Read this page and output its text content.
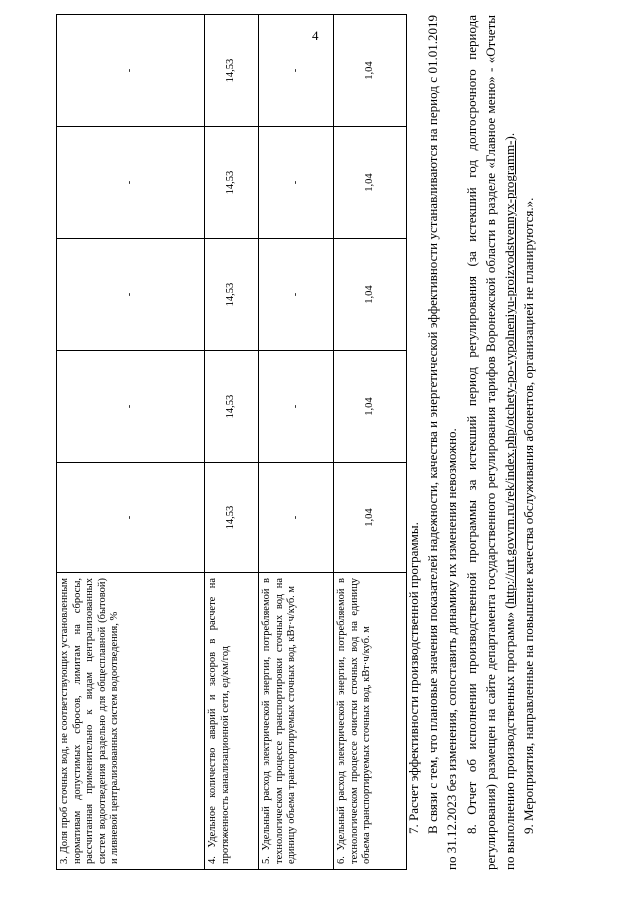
4
3. Доля проб сточных вод, не соответствующих установленным нормативам допустимых сбросов, лимитам на сбросы, рассчитанная применительно к видам централизованных систем водоотведения раздельно для общесплавной (бытовой) и ливневой централизованных систем водоотведения, %	-	-	-	-	-
4. Удельное количество аварий и засоров в расчете на протяженность канализационной сети, ед/км/год	14,53	14,53	14,53	14,53	14,53
5. Удельный расход электрической энергии, потребляемой в технологическом процессе транспортировки сточных вод на единицу объема транспортируемых сточных вод, кВт·ч/куб. м	-	-	-	-	-
6. Удельный расход электрической энергии, потребляемой в технологическом процессе очистки сточных вод на единицу объема транспортируемых сточных вод, кВт·ч/куб. м	1,04	1,04	1,04	1,04	1,04

7. Расчет эффективности производственной программы. В связи с тем, что плановые значения показателей надежности, качества и энергетической эффективности устанавливаются на период с 01.01.2019 по 31.12.2023 без изменения, сопоставить динамику их изменения невозможно. 8. Отчет об исполнении производственной программы за истекший период регулирования (за истекший год долгосрочного периода регулирования) размещен на сайте департамента государственного регулирования тарифов Воронежской области в разделе «Главное меню» - «Отчеты по выполнению производственных программ» (http://urt.govvrn.ru/rek/index.php/otchety-po-vypolneniyu-proizvodstvennyx-programm-).

9. Мероприятия, направленные на повышение качества обслуживания абонентов, организацией не планируются.».
